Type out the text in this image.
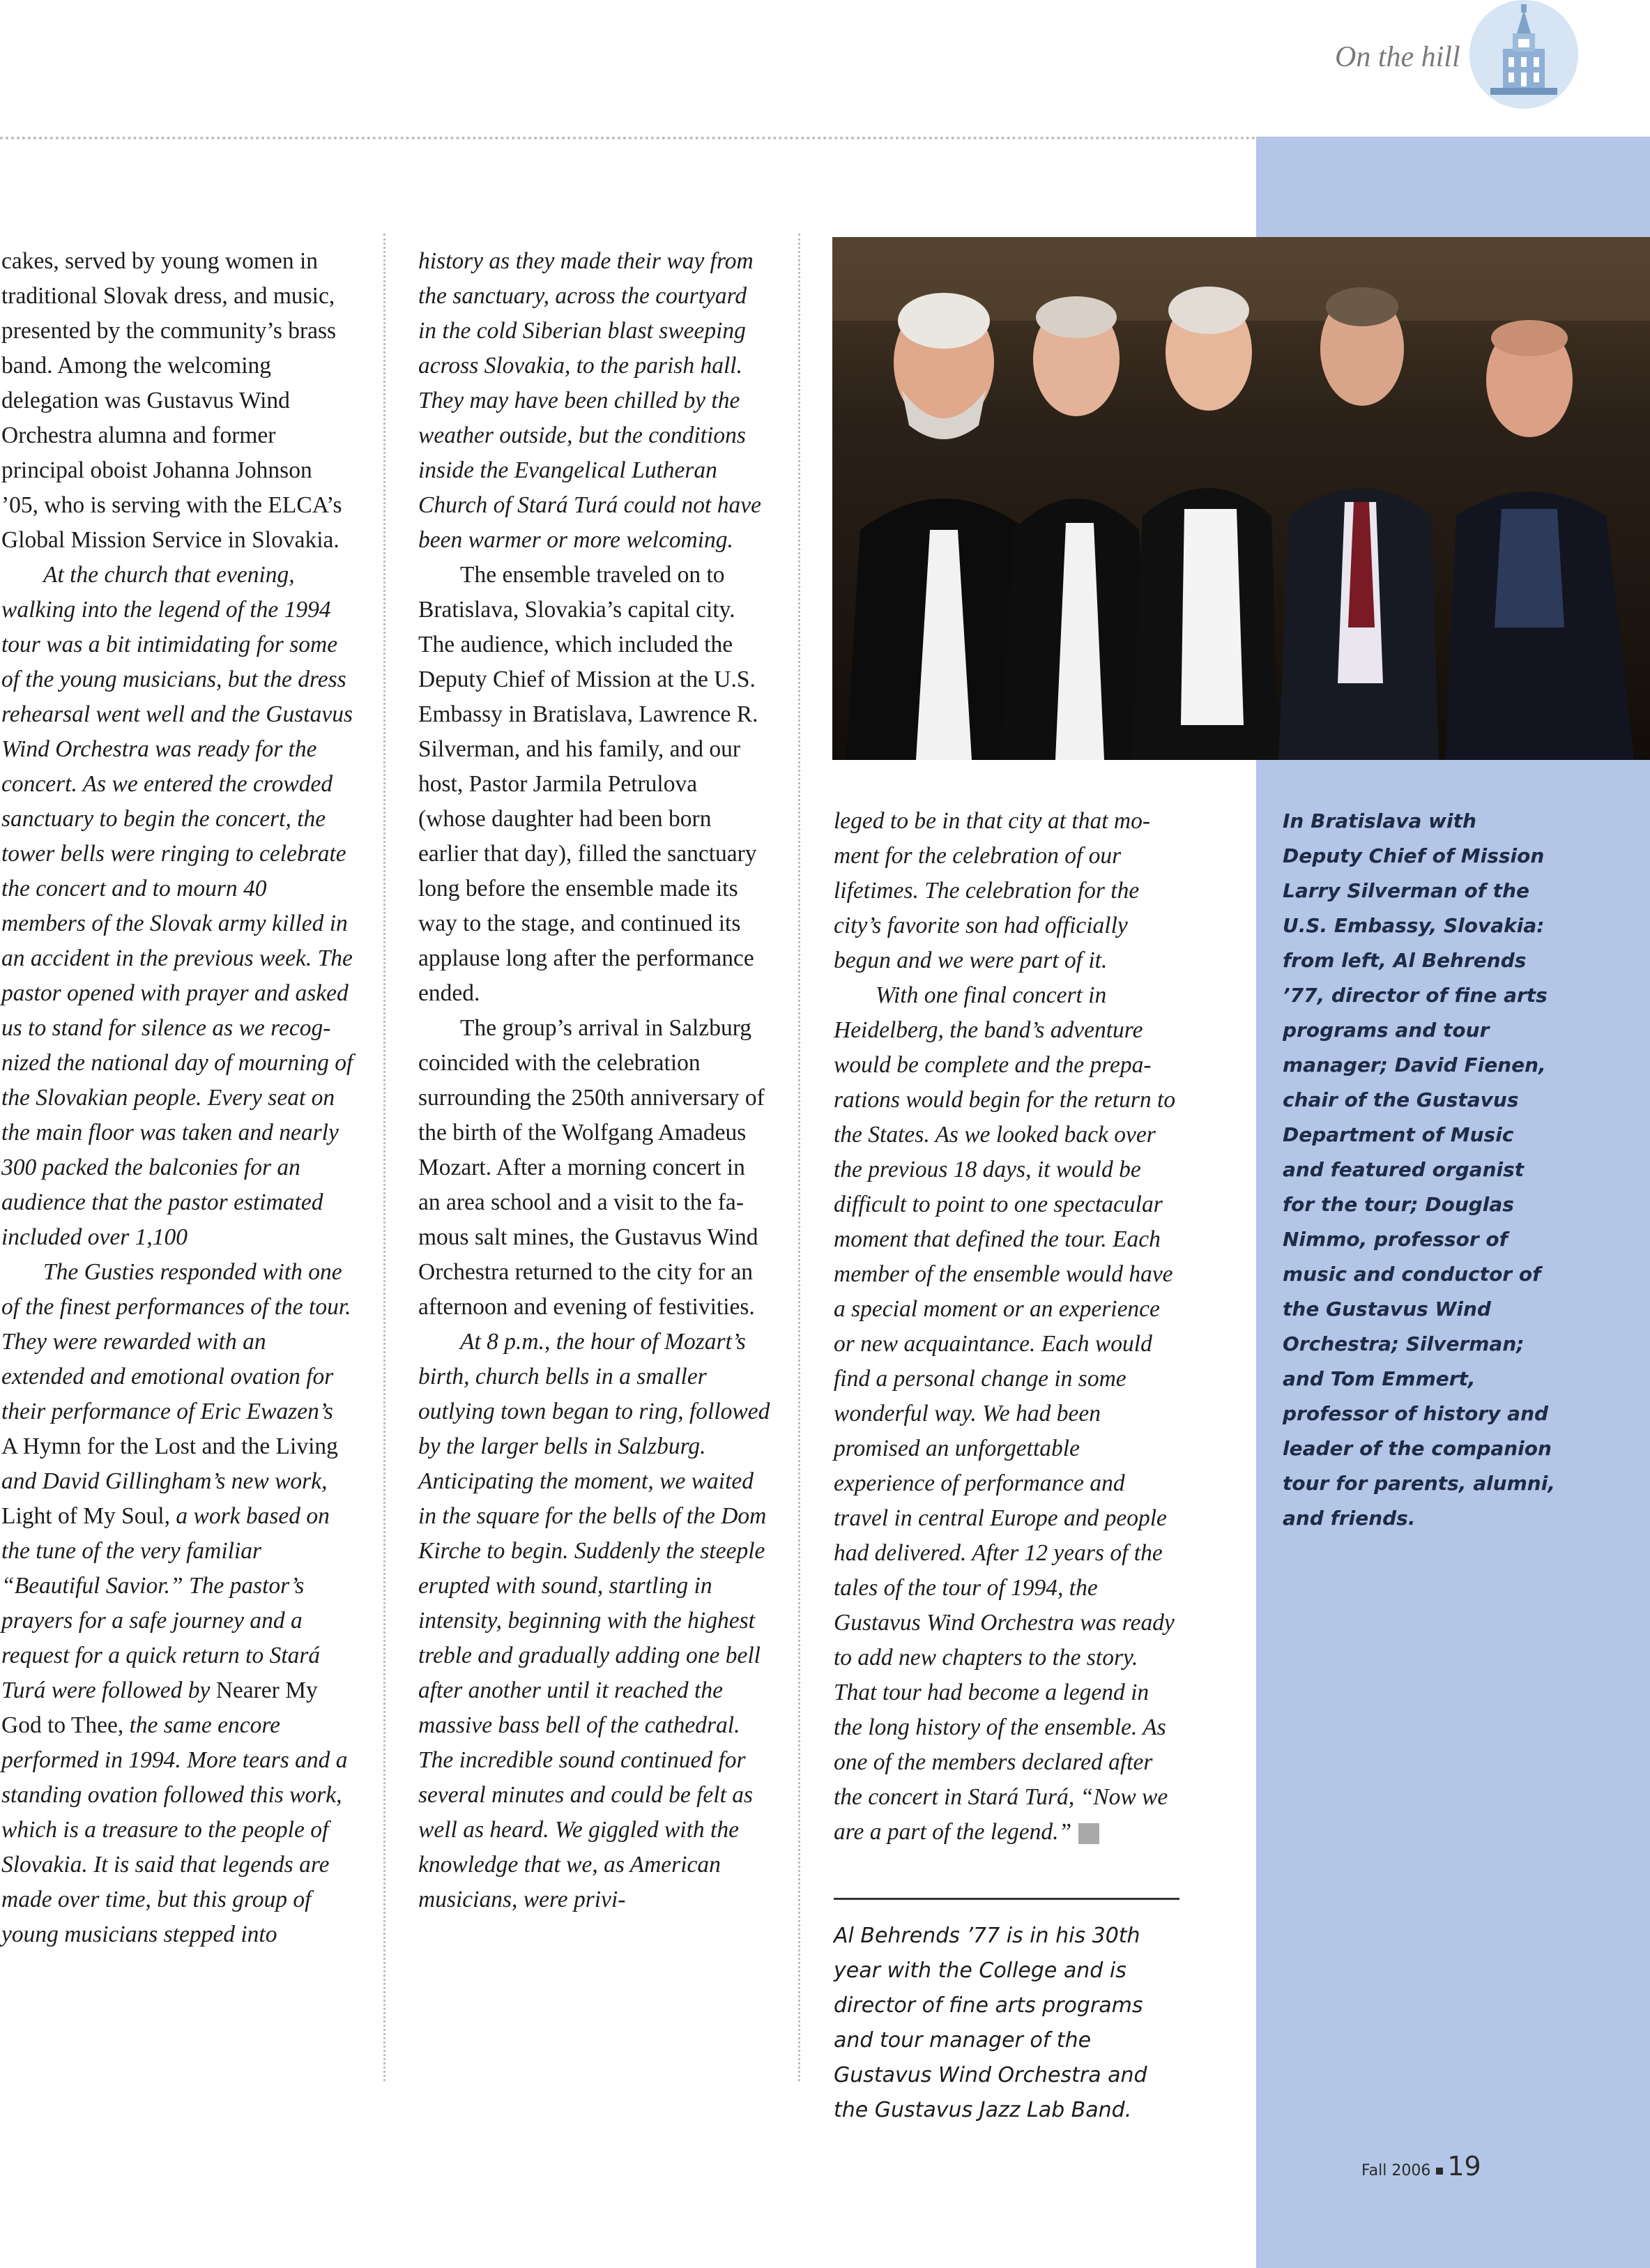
On the hill

cakes, served by young women in traditional Slovak dress, and music, presented by the community’s brass band. Among the welcoming delegation was Gustavus Wind Orchestra alumna and former principal oboist Johanna Johnson ’05, who is serving with the ELCA’s Global Mission Service in Slovakia.

At the church that evening, walking into the legend of the 1994 tour was a bit intimidating for some of the young musicians, but the dress rehearsal went well and the Gustavus Wind Orchestra was ready for the concert. As we entered the crowded sanctuary to begin the concert, the tower bells were ringing to celebrate the concert and to mourn 40 members of the Slovak army killed in an accident in the previous week. The pastor opened with prayer and asked us to stand for silence as we recognized the national day of mourning of the Slovakian people. Every seat on the main floor was taken and nearly 300 packed the balconies for an audience that the pastor estimated included over 1,100

The Gusties responded with one of the finest performances of the tour. They were rewarded with an extended and emotional ovation for their performance of Eric Ewazen’s A Hymn for the Lost and the Living and David Gillingham’s new work, Light of My Soul, a work based on the tune of the very familiar “Beautiful Savior.” The pastor’s prayers for a safe journey and a request for a quick return to Stará Turá were followed by Nearer My God to Thee, the same encore performed in 1994. More tears and a standing ovation followed this work, which is a treasure to the people of Slovakia. It is said that legends are made over time, but this group of young musicians stepped into

history as they made their way from the sanctuary, across the courtyard in the cold Siberian blast sweeping across Slovakia, to the parish hall. They may have been chilled by the weather outside, but the conditions inside the Evangelical Lutheran Church of Stará Turá could not have been warmer or more welcoming.

The ensemble traveled on to Bratislava, Slovakia’s capital city. The audience, which included the Deputy Chief of Mission at the U.S. Embassy in Bratislava, Lawrence R. Silverman, and his family, and our host, Pastor Jarmila Petrulova (whose daughter had been born earlier that day), filled the sanctuary long before the ensemble made its way to the stage, and continued its applause long after the performance ended.

The group’s arrival in Salzburg coincided with the celebration surrounding the 250th anniversary of the birth of the Wolfgang Amadeus Mozart. After a morning concert in an area school and a visit to the famous salt mines, the Gustavus Wind Orchestra returned to the city for an afternoon and evening of festivities.

At 8 p.m., the hour of Mozart’s birth, church bells in a smaller outlying town began to ring, followed by the larger bells in Salzburg. Anticipating the moment, we waited in the square for the bells of the Dom Kirche to begin. Suddenly the steeple erupted with sound, startling in intensity, beginning with the highest treble and gradually adding one bell after another until it reached the massive bass bell of the cathedral. The incredible sound continued for several minutes and could be felt as well as heard. We giggled with the knowledge that we, as American musicians, were privi-

leged to be in that city at that moment for the celebration of our lifetimes. The celebration for the city’s favorite son had officially begun and we were part of it.

With one final concert in Heidelberg, the band’s adventure would be complete and the preparations would begin for the return to the States. As we looked back over the previous 18 days, it would be difficult to point to one spectacular moment that defined the tour. Each member of the ensemble would have a special moment or an experience or new acquaintance. Each would find a personal change in some wonderful way. We had been promised an unforgettable experience of performance and travel in central Europe and people had delivered. After 12 years of the tales of the tour of 1994, the Gustavus Wind Orchestra was ready to add new chapters to the story. That tour had become a legend in the long history of the ensemble. As one of the members declared after the concert in Stará Turá, “Now we are a part of the legend.”	G

Al Behrends ’77 is in his 30th year with the College and is director of fine arts programs and tour manager of the Gustavus Wind Orchestra and the Gustavus Jazz Lab Band.
In Bratislava with Deputy Chief of Mission Larry Silverman of the U.S. Embassy, Slovakia: from left, Al Behrends ’77, director of fine arts programs and tour manager; David Fienen, chair of the Gustavus Department of Music and featured organist for the tour; Douglas Nimmo, professor of music and conductor of the Gustavus Wind Orchestra; Silverman; and Tom Emmert, professor of history and leader of the companion tour for parents, alumni, and friends.
Fall 2006 19
